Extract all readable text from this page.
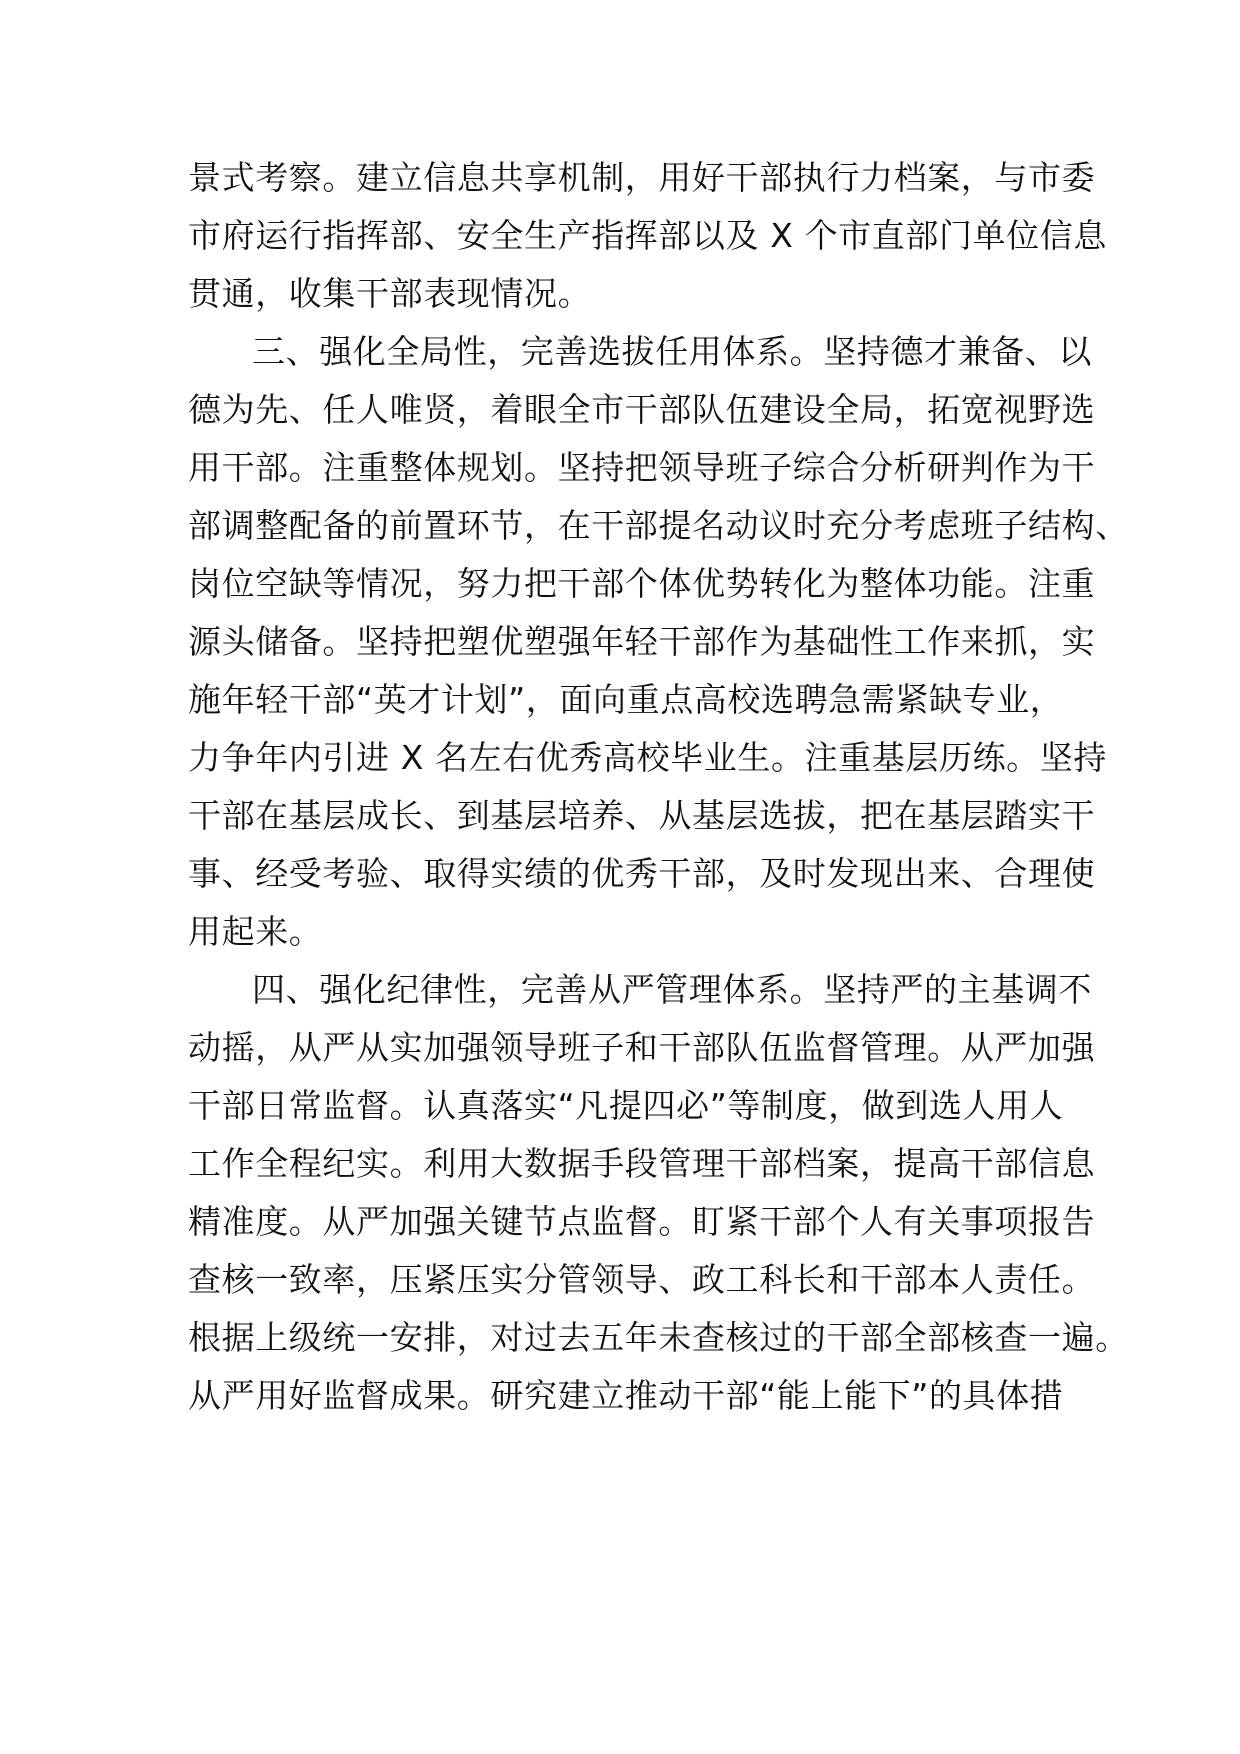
景式考察。建立信息共享机制，用好干部执行力档案，与市委
市府运行指挥部、安全生产指挥部以及 X 个市直部门单位信息
贯通，收集干部表现情况。
三、强化全局性，完善选拔任用体系。坚持德才兼备、以
德为先、任人唯贤，着眼全市干部队伍建设全局，拓宽视野选
用干部。注重整体规划。坚持把领导班子综合分析研判作为干
部调整配备的前置环节，在干部提名动议时充分考虑班子结构、
岗位空缺等情况，努力把干部个体优势转化为整体功能。注重
源头储备。坚持把塑优塑强年轻干部作为基础性工作来抓，实
施年轻干部“英才计划”，面向重点高校选聘急需紧缺专业，
力争年内引进 X 名左右优秀高校毕业生。注重基层历练。坚持
干部在基层成长、到基层培养、从基层选拔，把在基层踏实干
事、经受考验、取得实绩的优秀干部，及时发现出来、合理使
用起来。
四、强化纪律性，完善从严管理体系。坚持严的主基调不
动摇，从严从实加强领导班子和干部队伍监督管理。从严加强
干部日常监督。认真落实“凡提四必”等制度，做到选人用人
工作全程纪实。利用大数据手段管理干部档案，提高干部信息
精准度。从严加强关键节点监督。盯紧干部个人有关事项报告
查核一致率，压紧压实分管领导、政工科长和干部本人责任。
根据上级统一安排，对过去五年未查核过的干部全部核查一遍。
从严用好监督成果。研究建立推动干部“能上能下”的具体措
